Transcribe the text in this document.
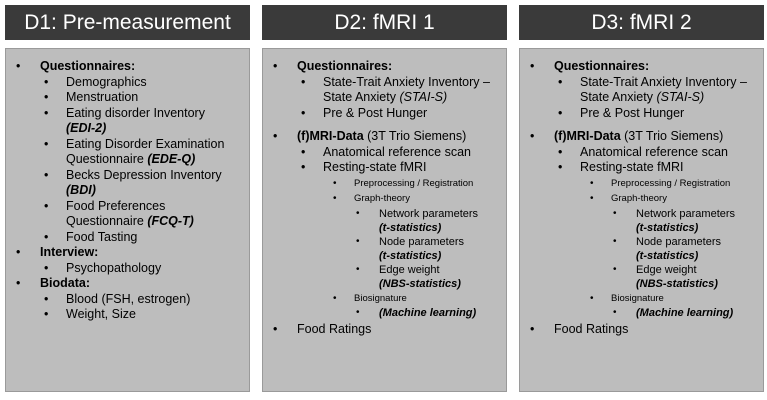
D1: Pre-measurement
• Questionnaires:
• Demographics
• Menstruation
• Eating disorder Inventory
(EDI-2)
• Eating Disorder Examination Questionnaire (EDE-Q)
• Becks Depression Inventory
(BDI)
• Food Preferences Questionnaire (FCQ-T)
• Food Tasting
• Interview:
• Psychopathology
• Biodata:
• Blood (FSH, estrogen)
• Weight, Size
D2: fMRI 1
• Questionnaires:
• State-Trait Anxiety Inventory – State Anxiety (STAI-S)
• Pre & Post Hunger
• (f)MRI-Data (3T Trio Siemens)
• Anatomical reference scan
• Resting-state fMRI
• Preprocessing / Registration
• Graph-theory
• Network parameters
(t-statistics)
• Node parameters
(t-statistics)
• Edge weight
(NBS-statistics)
• Biosignature
• (Machine learning)
• Food Ratings
D3: fMRI 2
• Questionnaires:
• State-Trait Anxiety Inventory – State Anxiety (STAI-S)
• Pre & Post Hunger
• (f)MRI-Data (3T Trio Siemens)
• Anatomical reference scan
• Resting-state fMRI
• Preprocessing / Registration
• Graph-theory
• Network parameters
(t-statistics)
• Node parameters
(t-statistics)
• Edge weight
(NBS-statistics)
• Biosignature
• (Machine learning)
• Food Ratings
